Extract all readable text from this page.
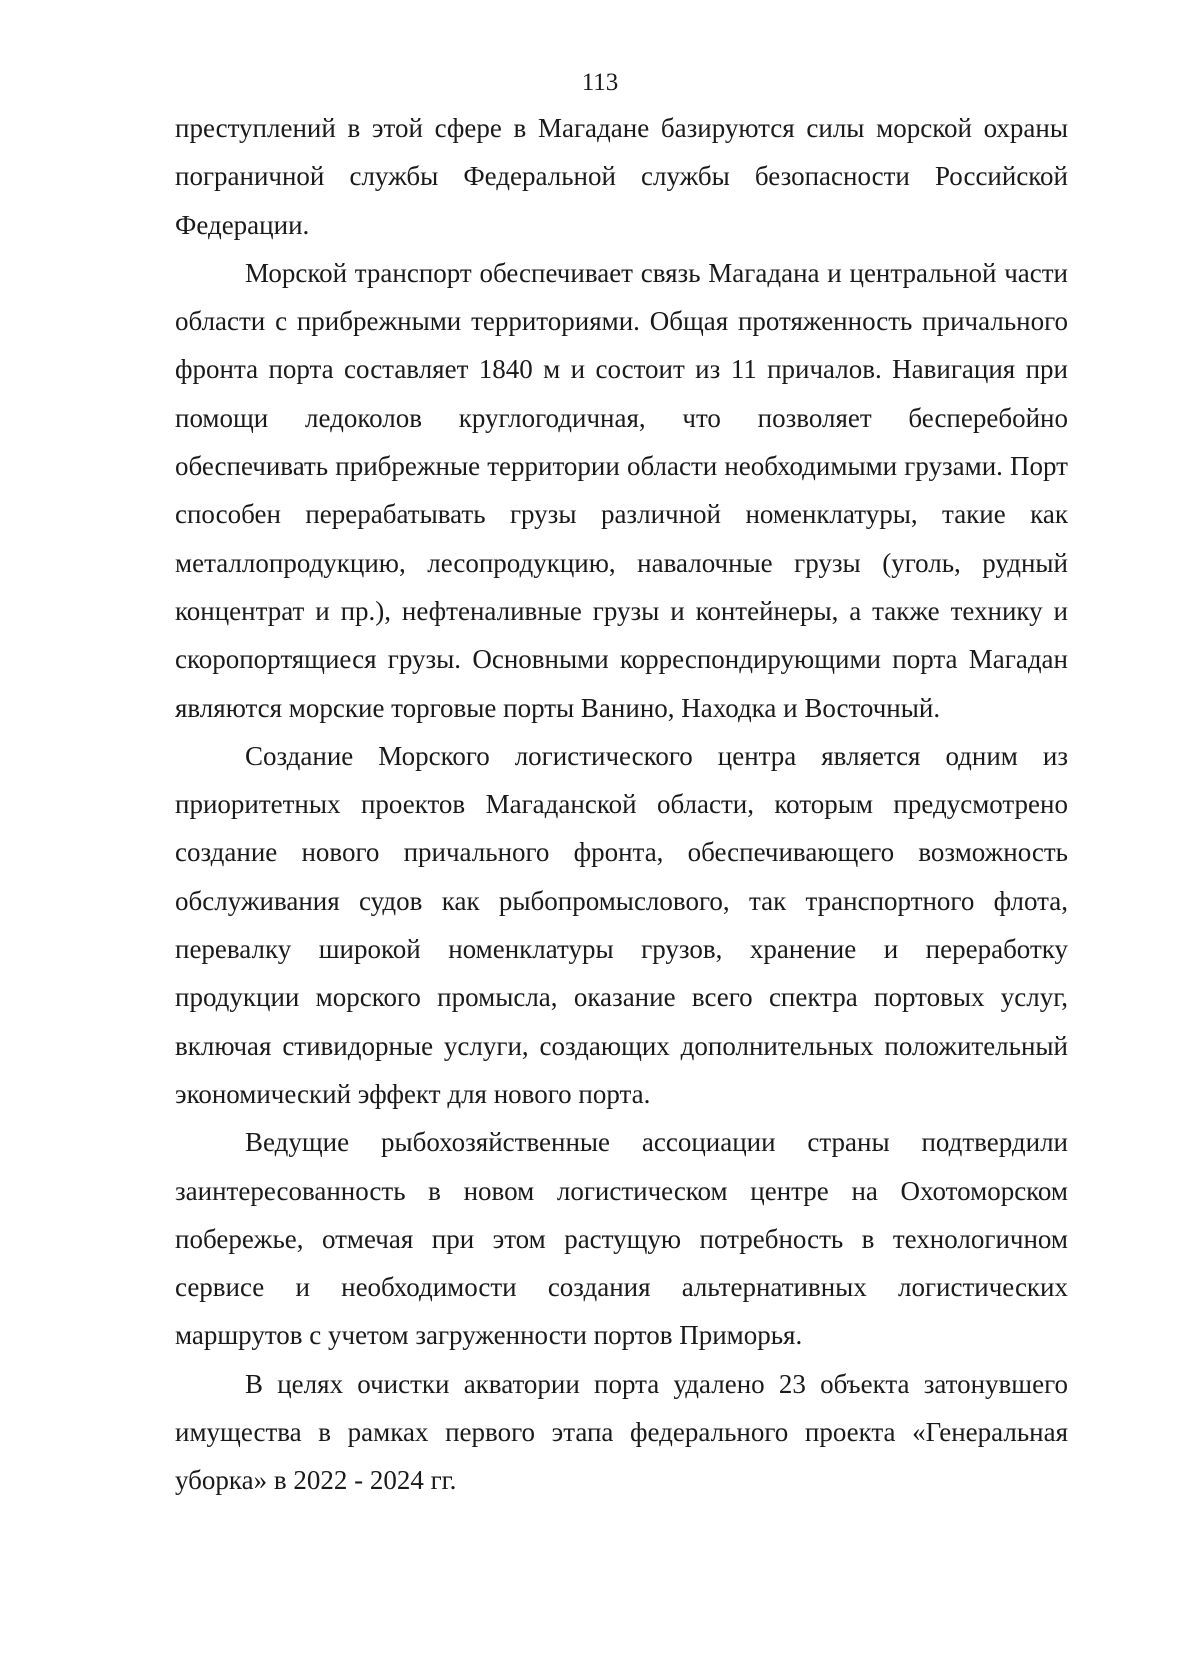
113

преступлений в этой сфере в Магадане базируются силы морской охраны пограничной службы Федеральной службы безопасности Российской Федерации.

Морской транспорт обеспечивает связь Магадана и центральной части области с прибрежными территориями. Общая протяженность причального фронта порта составляет 1840 м и состоит из 11 причалов. Навигация при помощи ледоколов круглогодичная, что позволяет бесперебойно обеспечивать прибрежные территории области необходимыми грузами. Порт способен перерабатывать грузы различной номенклатуры, такие как металлопродукцию, лесопродукцию, навалочные грузы (уголь, рудный концентрат и пр.), нефтеналивные грузы и контейнеры, а также технику и скоропортящиеся грузы. Основными корреспондирующими порта Магадан являются морские торговые порты Ванино, Находка и Восточный.

Создание Морского логистического центра является одним из приоритетных проектов Магаданской области, которым предусмотрено создание нового причального фронта, обеспечивающего возможность обслуживания судов как рыбопромыслового, так транспортного флота, перевалку широкой номенклатуры грузов, хранение и переработку продукции морского промысла, оказание всего спектра портовых услуг, включая стивидорные услуги, создающих дополнительных положительный экономический эффект для нового порта.

Ведущие рыбохозяйственные ассоциации страны подтвердили заинтересованность в новом логистическом центре на Охотоморском побережье, отмечая при этом растущую потребность в технологичном сервисе и необходимости создания альтернативных логистических маршрутов с учетом загруженности портов Приморья.

В целях очистки акватории порта удалено 23 объекта затонувшего имущества в рамках первого этапа федерального проекта «Генеральная уборка» в 2022 - 2024 гг.
